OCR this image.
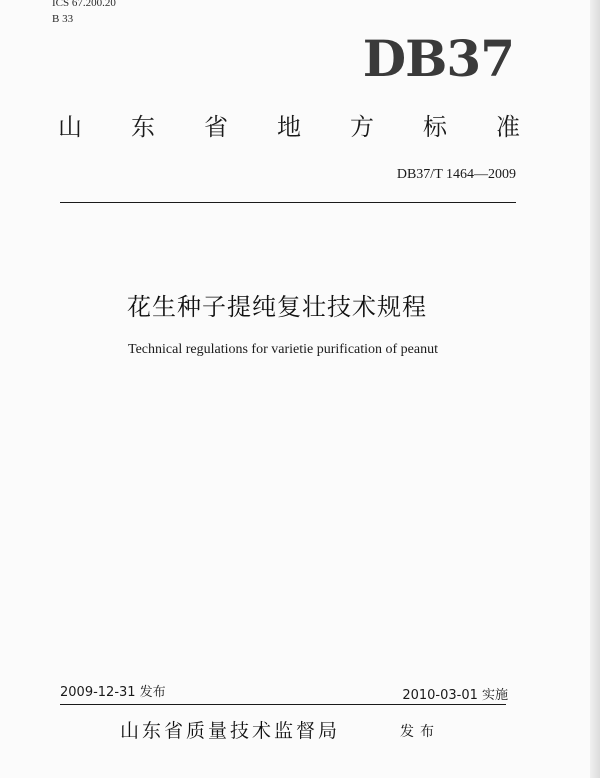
ICS 67.200.20
B 33
DB37
山 东 省 地 方 标 准
DB37/T 1464—2009
花生种子提纯复壮技术规程
Technical regulations for varietie purification of peanut
2009-12-31 发布	2010-03-01 实施
山东省质量技术监督局	发布
